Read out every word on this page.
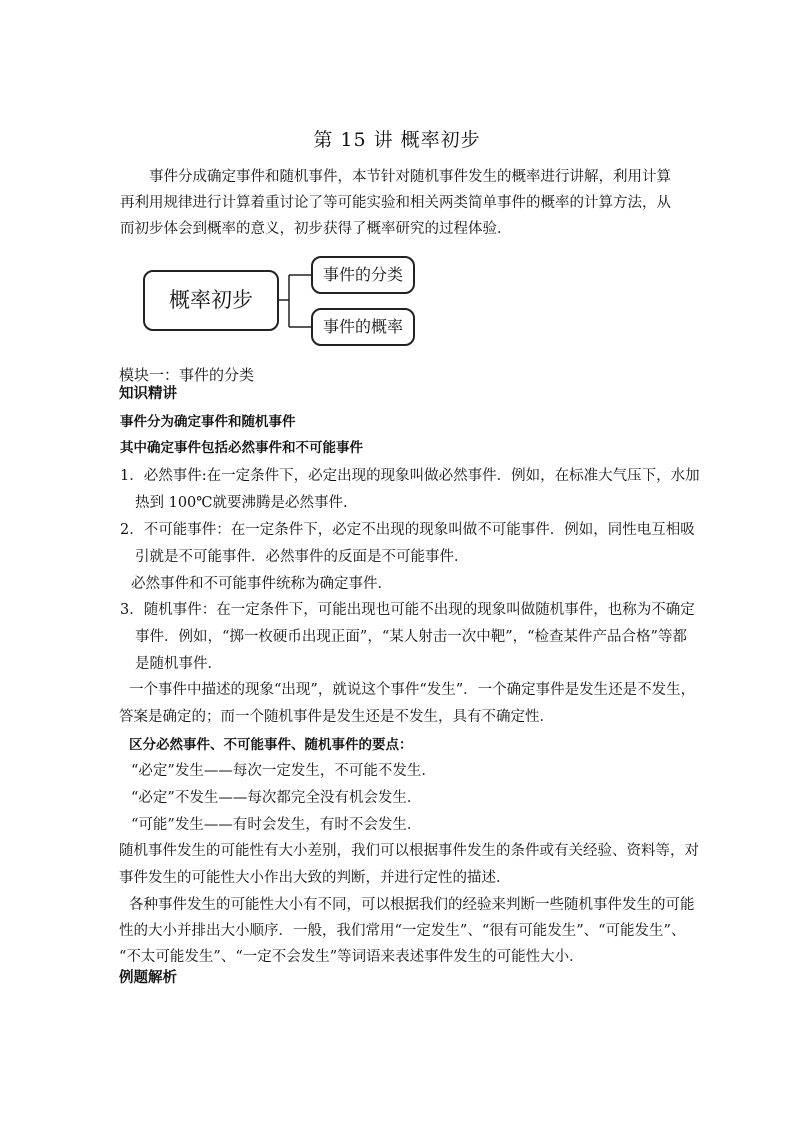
第 15 讲 概率初步

事件分成确定事件和随机事件，本节针对随机事件发生的概率进行讲解，利用计算再利用规律进行计算着重讨论了等可能实验和相关两类简单事件的概率的计算方法，从而初步体会到概率的意义，初步获得了概率研究的过程体验．

概率初步
事件的分类
事件的概率
模块一：事件的分类
知识精讲
事件分为确定事件和随机事件
其中确定事件包括必然事件和不可能事件
1．必然事件:在一定条件下，必定出现的现象叫做必然事件．例如，在标准大气压下，水加
热到 100℃就要沸腾是必然事件.
2．不可能事件：在一定条件下，必定不出现的现象叫做不可能事件．例如，同性电互相吸
引就是不可能事件．必然事件的反面是不可能事件．
必然事件和不可能事件统称为确定事件．
3．随机事件：在一定条件下，可能出现也可能不出现的现象叫做随机事件，也称为不确定
事件．例如，“掷一枚硬币出现正面”，“某人射击一次中靶”，“检查某件产品合格”等都
是随机事件．
一个事件中描述的现象“出现”，就说这个事件“发生”．一个确定事件是发生还是不发生，
答案是确定的；而一个随机事件是发生还是不发生，具有不确定性．
区分必然事件、不可能事件、随机事件的要点：
“必定”发生——每次一定发生，不可能不发生．
“必定”不发生——每次都完全没有机会发生．
“可能”发生——有时会发生，有时不会发生．
随机事件发生的可能性有大小差别，我们可以根据事件发生的条件或有关经验、资料等，对
事件发生的可能性大小作出大致的判断，并进行定性的描述．
各种事件发生的可能性大小有不同，可以根据我们的经验来判断一些随机事件发生的可能
性的大小并排出大小顺序．一般，我们常用“一定发生”、“很有可能发生”、“可能发生”、
“不太可能发生”、“一定不会发生”等词语来表述事件发生的可能性大小．
例题解析
